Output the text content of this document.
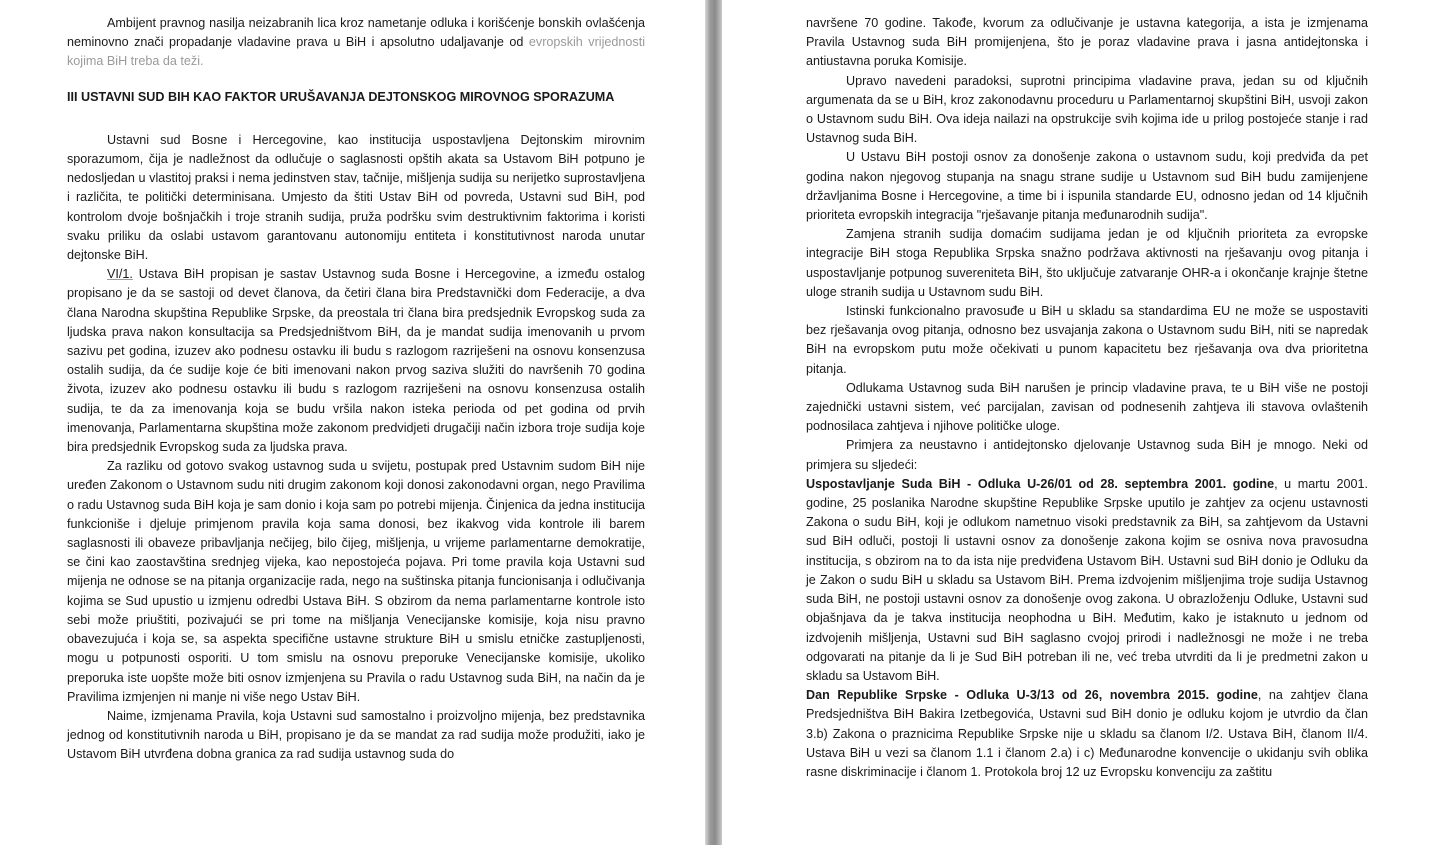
Ambijent pravnog nasilja neizabranih lica kroz nametanje odluka i korišćenje bonskih ovlašćenja neminovno znači propadanje vladavine prava u BiH i apsolutno udaljavanje od evropskih vrijednosti kojima BiH treba da teži.

III USTAVNI SUD BIH KAO FAKTOR URUŠAVANJA DEJTONSKOG MIROVNOG SPORAZUMA

Ustavni sud Bosne i Hercegovine, kao institucija uspostavljena Dejtonskim mirovnim sporazumom, čija je nadležnost da odlučuje o saglasnosti opštih akata sa Ustavom BiH potpuno je nedosljedan u vlastitoj praksi i nema jedinstven stav, tačnije, mišljenja sudija su nerijetko suprostavljena i različita, te politički determinisana. Umjesto da štiti Ustav BiH od povreda, Ustavni sud BiH, pod kontrolom dvoje bošnjačkih i troje stranih sudija, pruža podršku svim destruktivnim faktorima i koristi svaku priliku da oslabi ustavom garantovanu autonomiju entiteta i konstitutivnost naroda unutar dejtonske BiH.

VI/1. Ustava BiH propisan je sastav Ustavnog suda Bosne i Hercegovine, a između ostalog propisano je da se sastoji od devet članova, da četiri člana bira Predstavnički dom Federacije, a dva člana Narodna skupština Republike Srpske, da preostala tri člana bira predsjednik Evropskog suda za ljudska prava nakon konsultacija sa Predsjedništvom BiH, da je mandat sudija imenovanih u prvom sazivu pet godina, izuzev ako podnesu ostavku ili budu s razlogom razriješeni na osnovu konsenzusa ostalih sudija, da će sudije koje će biti imenovani nakon prvog saziva služiti do navršenih 70 godina života, izuzev ako podnesu ostavku ili budu s razlogom razriješeni na osnovu konsenzusa ostalih sudija, te da za imenovanja koja se budu vršila nakon isteka perioda od pet godina od prvih imenovanja, Parlamentarna skupština može zakonom predvidjeti drugačiji način izbora troje sudija koje bira predsjednik Evropskog suda za ljudska prava.

Za razliku od gotovo svakog ustavnog suda u svijetu, postupak pred Ustavnim sudom BiH nije uređen Zakonom o Ustavnom sudu niti drugim zakonom koji donosi zakonodavni organ, nego Pravilima o radu Ustavnog suda BiH koja je sam donio i koja sam po potrebi mijenja. Činjenica da jedna institucija funkcioniše i djeluje primjenom pravila koja sama donosi, bez ikakvog vida kontrole ili barem saglasnosti ili obaveze pribavljanja nečijeg, bilo čijeg, mišljenja, u vrijeme parlamentarne demokratije, se čini kao zaostavština srednjeg vijeka, kao nepostojeća pojava. Pri tome pravila koja Ustavni sud mijenja ne odnose se na pitanja organizacije rada, nego na suštinska pitanja funcionisanja i odlučivanja kojima se Sud upustio u izmjenu odredbi Ustava BiH. S obzirom da nema parlamentarne kontrole isto sebi može priuštiti, pozivajući se pri tome na mišljanja Venecijanske komisije, koja nisu pravno obavezujuća i koja se, sa aspekta specifične ustavne strukture BiH u smislu etničke zastupljenosti, mogu u potpunosti osporiti. U tom smislu na osnovu preporuke Venecijanske komisije, ukoliko preporuka iste uopšte može biti osnov izmjenjena su Pravila o radu Ustavnog suda BiH, na način da je Pravilima izmjenjen ni manje ni više nego Ustav BiH.

Naime, izmjenama Pravila, koja Ustavni sud samostalno i proizvoljno mijenja, bez predstavnika jednog od konstitutivnih naroda u BiH, propisano je da se mandat za rad sudija može produžiti, iako je Ustavom BiH utvrđena dobna granica za rad sudija ustavnog suda do

navršene 70 godine. Takođe, kvorum za odlučivanje je ustavna kategorija, a ista je izmjenama Pravila Ustavnog suda BiH promijenjena, što je poraz vladavine prava i jasna antidejtonska i antiustavna poruka Komisije.

Upravo navedeni paradoksi, suprotni principima vladavine prava, jedan su od ključnih argumenata da se u BiH, kroz zakonodavnu proceduru u Parlamentarnoj skupštini BiH, usvoji zakon o Ustavnom sudu BiH. Ova ideja nailazi na opstrukcije svih kojima ide u prilog postojeće stanje i rad Ustavnog suda BiH.

U Ustavu BiH postoji osnov za donošenje zakona o ustavnom sudu, koji predviđa da pet godina nakon njegovog stupanja na snagu strane sudije u Ustavnom sud BiH budu zamijenjene državljanima Bosne i Hercegovine, a time bi i ispunila standarde EU, odnosno jedan od 14 ključnih prioriteta evropskih integracija "rješavanje pitanja međunarodnih sudija".

Zamjena stranih sudija domaćim sudijama jedan je od ključnih prioriteta za evropske integracije BiH stoga Republika Srpska snažno podržava aktivnosti na rješavanju ovog pitanja i uspostavljanje potpunog suvereniteta BiH, što uključuje zatvaranje OHR-a i okončanje krajnje štetne uloge stranih sudija u Ustavnom sudu BiH.

Istinski funkcionalno pravosuđe u BiH u skladu sa standardima EU ne može se uspostaviti bez rješavanja ovog pitanja, odnosno bez usvajanja zakona o Ustavnom sudu BiH, niti se napredak BiH na evropskom putu može očekivati u punom kapacitetu bez rješavanja ova dva prioritetna pitanja.

Odlukama Ustavnog suda BiH narušen je princip vladavine prava, te u BiH više ne postoji zajednički ustavni sistem, već parcijalan, zavisan od podnesenih zahtjeva ili stavova ovlaštenih podnosilaca zahtjeva i njihove političke uloge.

Primjera za neustavno i antidejtonsko djelovanje Ustavnog suda BiH je mnogo. Neki od primjera su sljedeći:

Uspostavljanje Suda BiH - Odluka U-26/01 od 28. septembra 2001. godine, u martu 2001. godine, 25 poslanika Narodne skupštine Republike Srpske uputilo je zahtjev za ocjenu ustavnosti Zakona o sudu BiH, koji je odlukom nametnuo visoki predstavnik za BiH, sa zahtjevom da Ustavni sud BiH odluči, postoji li ustavni osnov za donošenje zakona kojim se osniva nova pravosudna institucija, s obzirom na to da ista nije predviđena Ustavom BiH. Ustavni sud BiH donio je Odluku da je Zakon o sudu BiH u skladu sa Ustavom BiH. Prema izdvojenim mišljenjima troje sudija Ustavnog suda BiH, ne postoji ustavni osnov za donošenje ovog zakona. U obrazloženju Odluke, Ustavni sud objašnjava da je takva institucija neophodna u BiH. Međutim, kako je istaknuto u jednom od izdvojenih mišljenja, Ustavni sud BiH saglasno cvojoj prirodi i nadležnosgi ne može i ne treba odgovarati na pitanje da li je Sud BiH potreban ili ne, već treba utvrditi da li je predmetni zakon u skladu sa Ustavom BiH.

Dan Republike Srpske - Odluka U-3/13 od 26, novembra 2015. godine, na zahtjev člana Predsjedništva BiH Bakira Izetbegovića, Ustavni sud BiH donio je odluku kojom je utvrdio da član 3.b) Zakona o praznicima Republike Srpske nije u skladu sa članom I/2. Ustava BiH, članom II/4. Ustava BiH u vezi sa članom 1.1 i članom 2.a) i c) Međunarodne konvencije o ukidanju svih oblika rasne diskriminacije i članom 1. Protokola broj 12 uz Evropsku konvenciju za zaštitu
